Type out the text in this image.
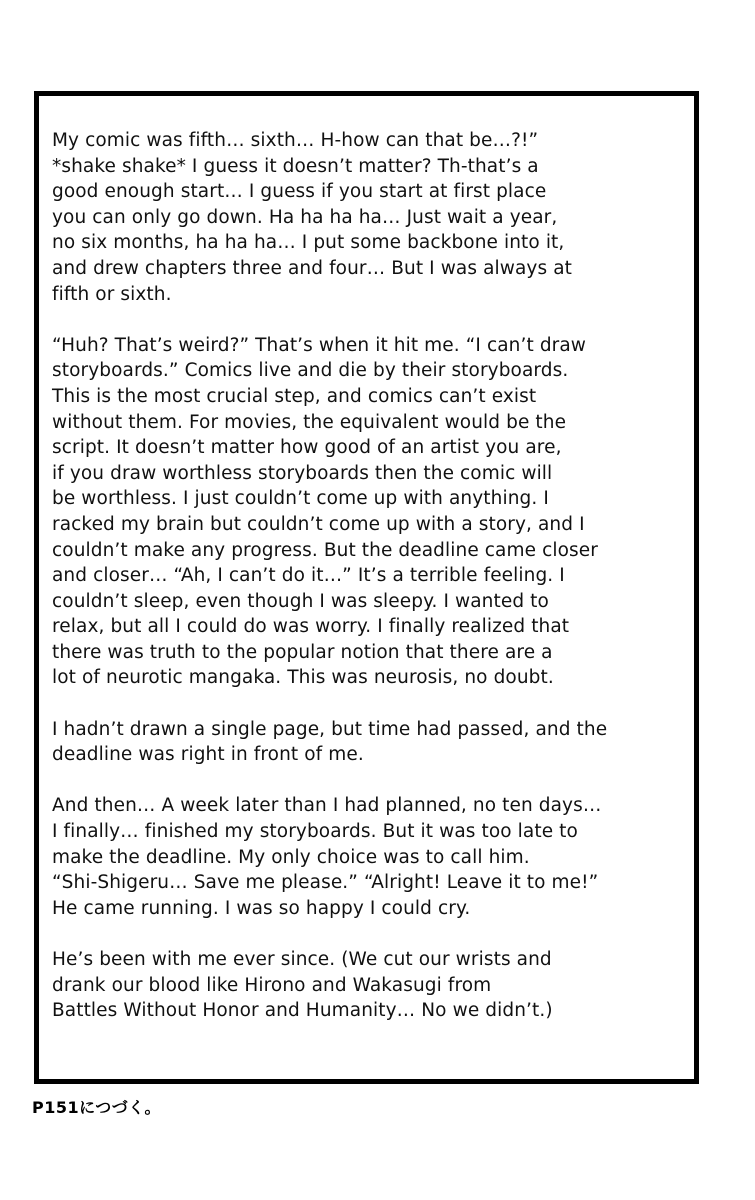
My comic was fifth… sixth… H-how can that be…?!”
*shake shake* I guess it doesn’t matter? Th-that’s a
good enough start… I guess if you start at first place
you can only go down. Ha ha ha ha… Just wait a year,
no six months, ha ha ha… I put some backbone into it,
and drew chapters three and four… But I was always at
fifth or sixth.
“Huh? That’s weird?” That’s when it hit me. “I can’t draw
storyboards.” Comics live and die by their storyboards.
This is the most crucial step, and comics can’t exist
without them. For movies, the equivalent would be the
script. It doesn’t matter how good of an artist you are,
if you draw worthless storyboards then the comic will
be worthless. I just couldn’t come up with anything. I
racked my brain but couldn’t come up with a story, and I
couldn’t make any progress. But the deadline came closer
and closer… “Ah, I can’t do it…” It’s a terrible feeling. I
couldn’t sleep, even though I was sleepy. I wanted to
relax, but all I could do was worry. I finally realized that
there was truth to the popular notion that there are a
lot of neurotic mangaka. This was neurosis, no doubt.
I hadn’t drawn a single page, but time had passed, and the
deadline was right in front of me.
And then… A week later than I had planned, no ten days…
I finally… finished my storyboards. But it was too late to
make the deadline. My only choice was to call him.
“Shi-Shigeru… Save me please.” “Alright! Leave it to me!”
He came running. I was so happy I could cry.
He’s been with me ever since. (We cut our wrists and
drank our blood like Hirono and Wakasugi from
Battles Without Honor and Humanity… No we didn’t.)
P151につづく。
